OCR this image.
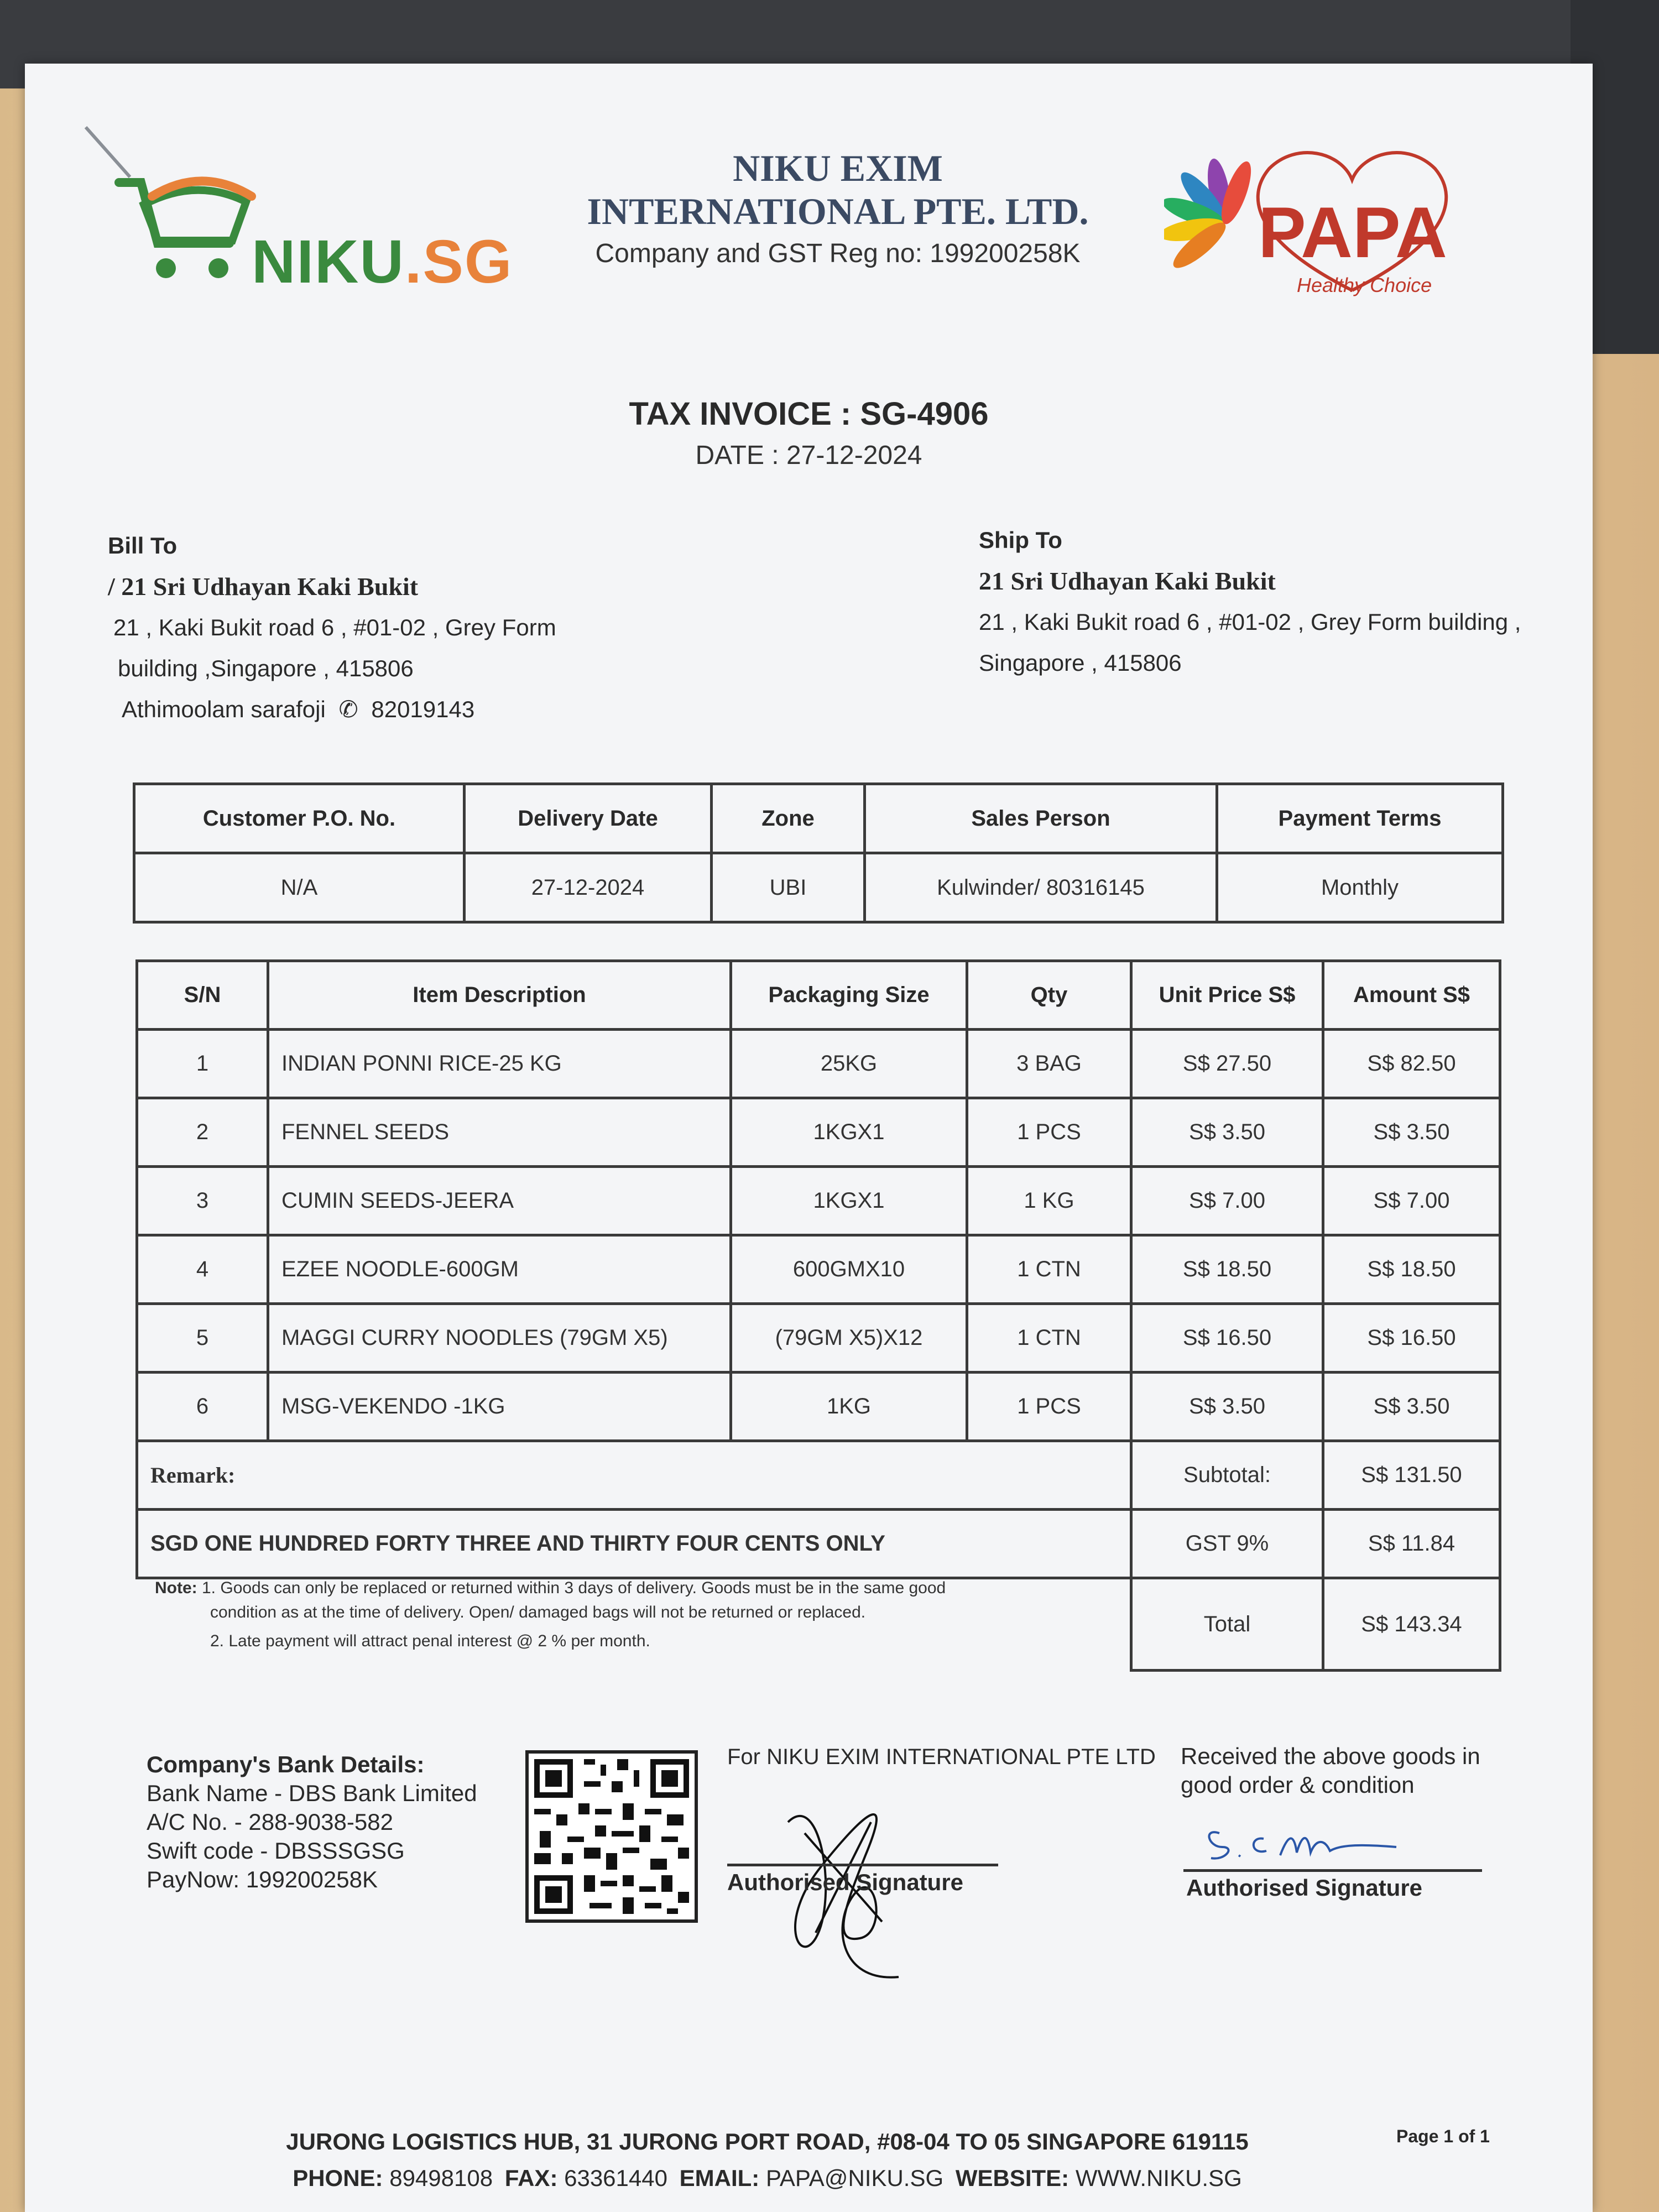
NIKU.SG
NIKU EXIM
INTERNATIONAL PTE. LTD.
Company and GST Reg no: 199200258K	PAPA
Healthy Choice
TAX INVOICE : SG-4906
DATE : 27-12-2024
Bill To
/ 21 Sri Udhayan Kaki Bukit
21 , Kaki Bukit road 6 , #01-02 , Grey Form
building ,Singapore , 415806
Athimoolam sarafoji ✆ 82019143
Ship To
21 Sri Udhayan Kaki Bukit
21 , Kaki Bukit road 6 , #01-02 , Grey Form building ,
Singapore , 415806
Customer P.O. No.	Delivery Date	Zone	Sales Person	Payment Terms
N/A	27-12-2024	UBI	Kulwinder/ 80316145	Monthly
S/N	Item Description	Packaging Size	Qty	Unit Price S$	Amount S$
1	INDIAN PONNI RICE-25 KG	25KG	3 BAG	S$ 27.50	S$ 82.50
2	FENNEL SEEDS	1KGX1	1 PCS	S$ 3.50	S$ 3.50
3	CUMIN SEEDS-JEERA	1KGX1	1 KG	S$ 7.00	S$ 7.00
4	EZEE NOODLE-600GM	600GMX10	1 CTN	S$ 18.50	S$ 18.50
5	MAGGI CURRY NOODLES (79GM X5)	(79GM X5)X12	1 CTN	S$ 16.50	S$ 16.50
6	MSG-VEKENDO -1KG	1KG	1 PCS	S$ 3.50	S$ 3.50
Remark:				Subtotal:	S$ 131.50
SGD ONE HUNDRED FORTY THREE AND THIRTY FOUR CENTS ONLY				GST 9%	S$ 11.84
				Total	S$ 143.34
Note: 1. Goods can only be replaced or returned within 3 days of delivery. Goods must be in the same good
condition as at the time of delivery. Open/ damaged bags will not be returned or replaced.
2. Late payment will attract penal interest @ 2 % per month.
Company's Bank Details:
Bank Name - DBS Bank Limited
A/C No. - 288-9038-582
Swift code - DBSSSGSG
PayNow: 199200258K
For NIKU EXIM INTERNATIONAL PTE LTD
Authorised Signature
Received the above goods in
good order & condition
Authorised Signature
JURONG LOGISTICS HUB, 31 JURONG PORT ROAD, #08-04 TO 05 SINGAPORE 619115
PHONE: 89498108 FAX: 63361440 EMAIL: PAPA@NIKU.SG WEBSITE: WWW.NIKU.SG
Page 1 of 1
